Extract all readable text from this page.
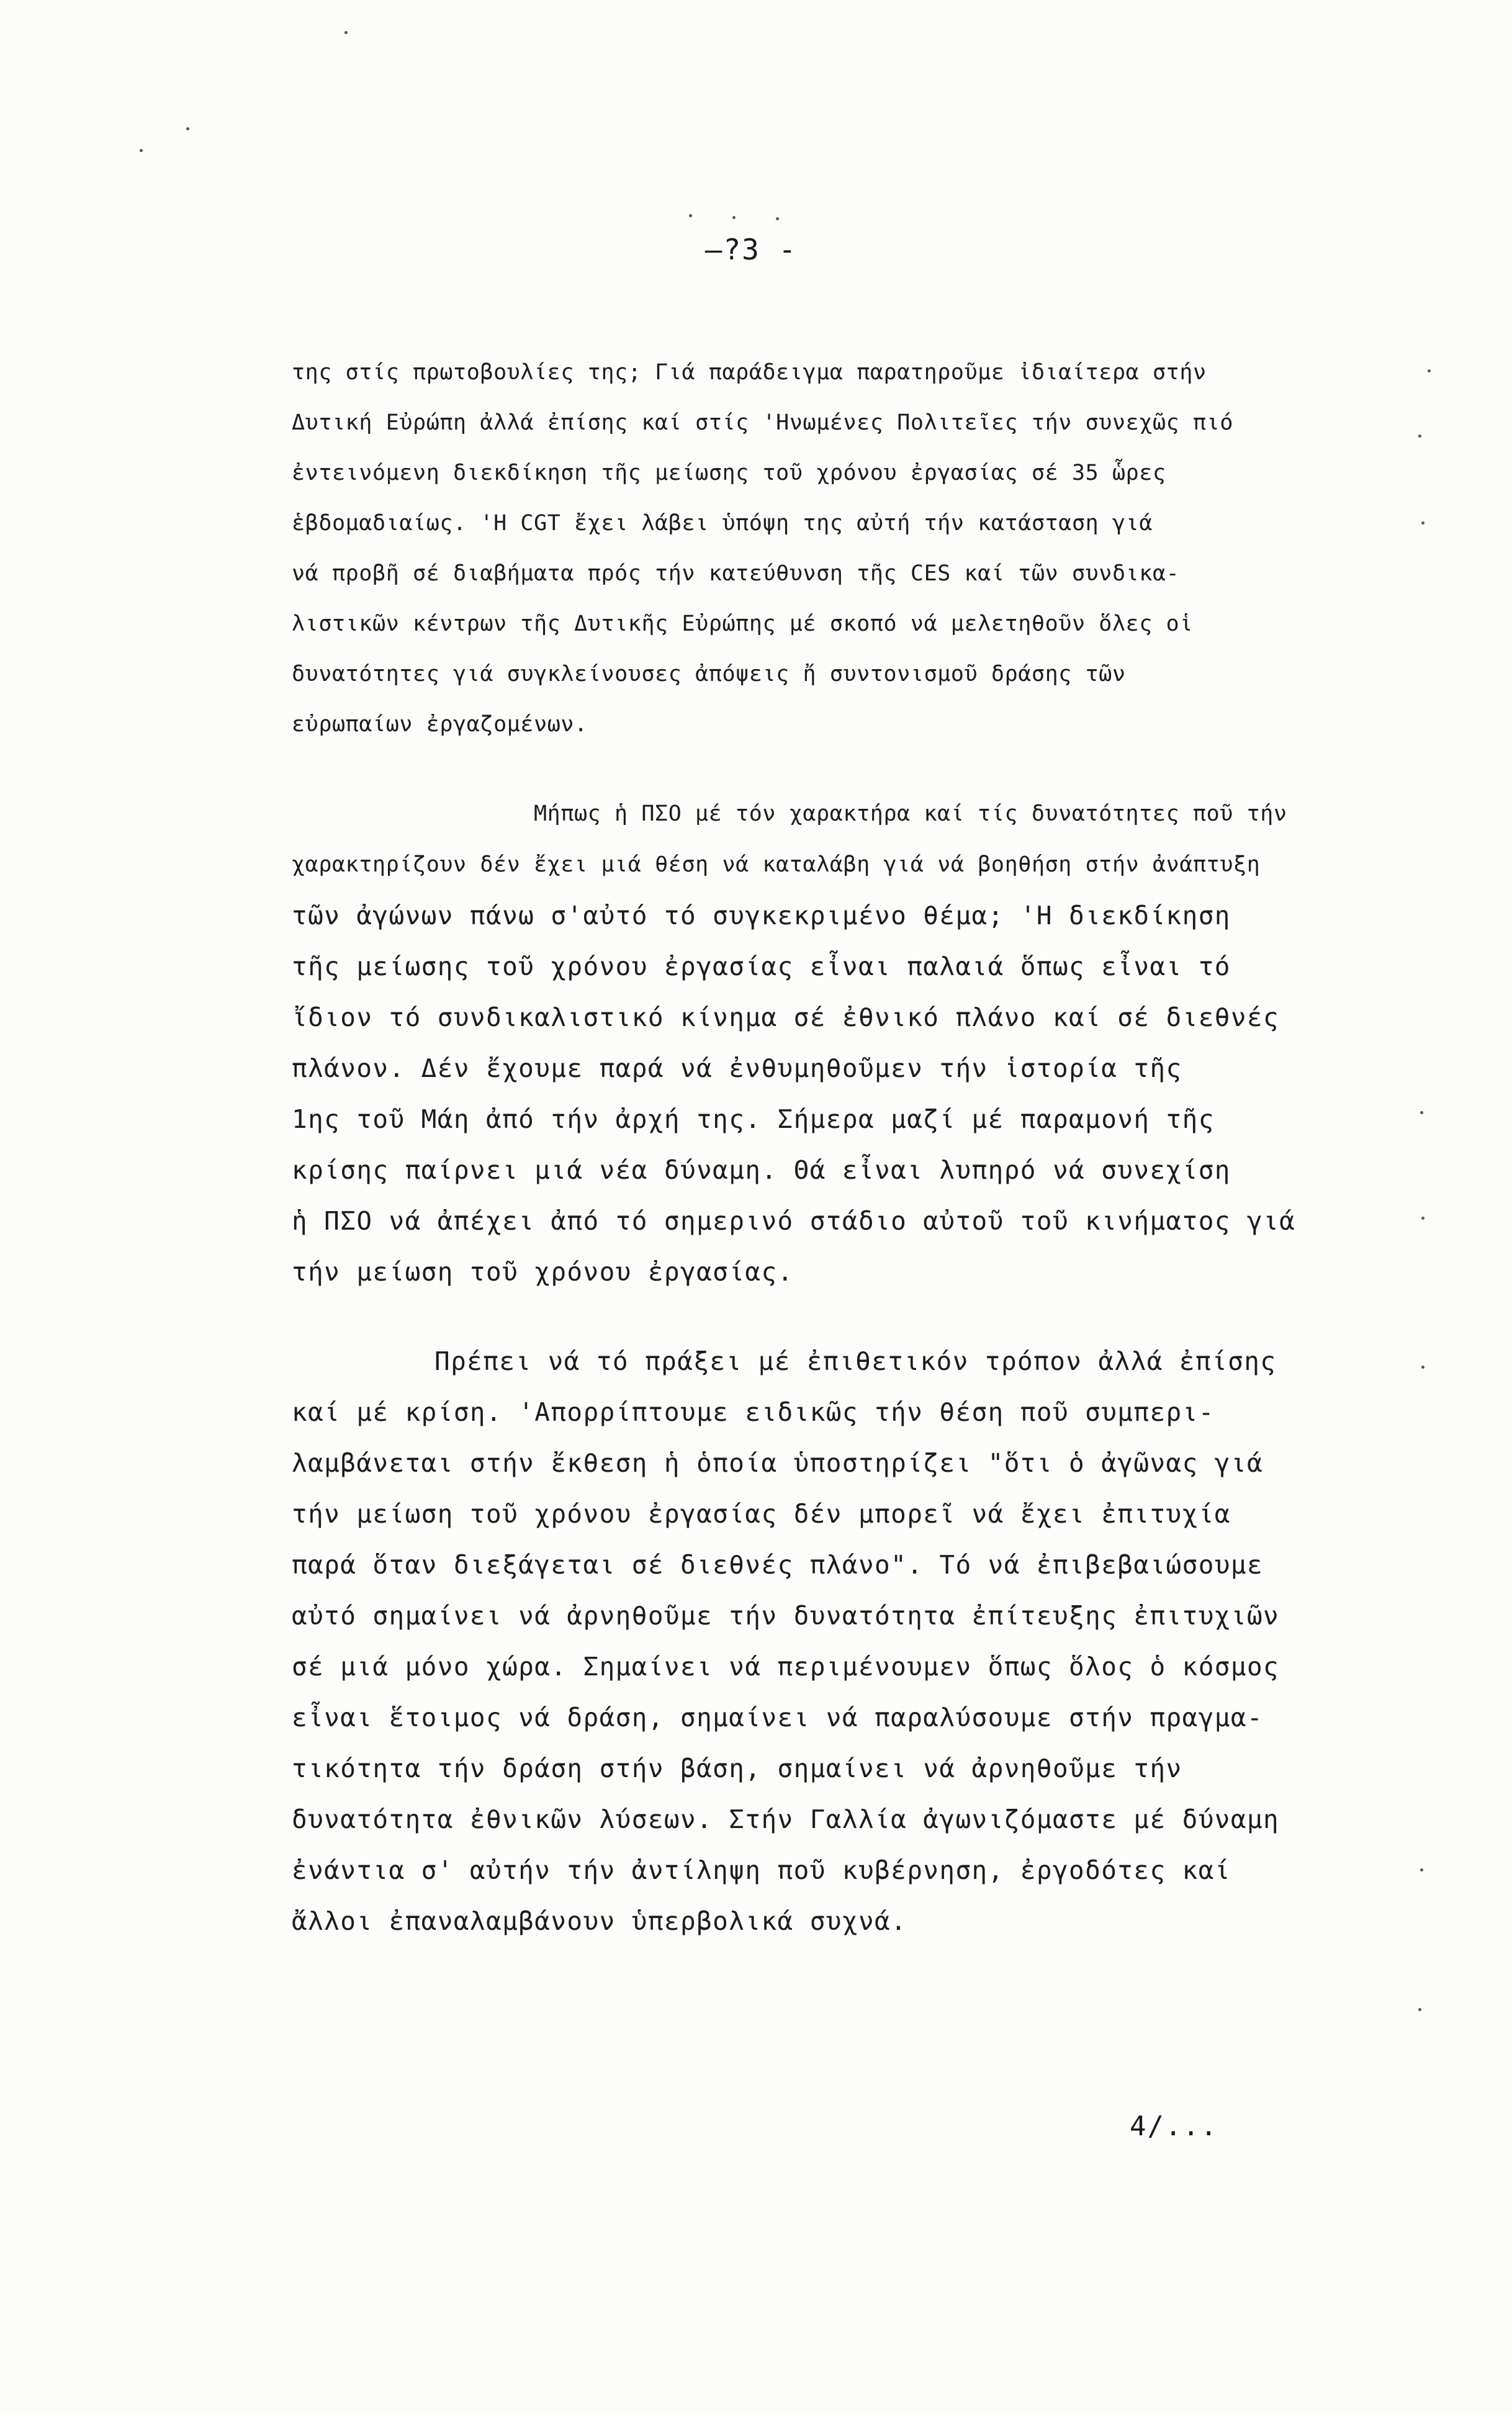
—?3 -
της στίς πρωτοβουλίες της; Γιά παράδειγμα παρατηροῦμε ἰδιαίτερα στήν
Δυτική Εὐρώπη ἀλλά ἐπίσης καί στίς 'Ηνωμένες Πολιτεῖες τήν συνεχῶς πιό
ἐντεινόμενη διεκδίκηση τῆς μείωσης τοῦ χρόνου ἐργασίας σέ 35 ὧρες
ἑβδομαδιαίως. 'Η CGT ἔχει λάβει ὑπόψη της αὐτή τήν κατάσταση γιά
νά προβῆ σέ διαβήματα πρός τήν κατεύθυνση τῆς CES καί τῶν συνδικα-
λιστικῶν κέντρων τῆς Δυτικῆς Εὐρώπης μέ σκοπό νά μελετηθοῦν ὅλες οἱ
δυνατότητες γιά συγκλείνουσες ἀπόψεις ἤ συντονισμοῦ δράσης τῶν
εὐρωπαίων ἐργαζομένων.
Μήπως ἡ ΠΣΟ μέ τόν χαρακτήρα καί τίς δυνατότητες ποῦ τήν
χαρακτηρίζουν δέν ἔχει μιά θέση νά καταλάβη γιά νά βοηθήση στήν ἀνάπτυξη
τῶν ἀγώνων πάνω σ'αὐτό τό συγκεκριμένο θέμα; 'Η διεκδίκηση
τῆς μείωσης τοῦ χρόνου ἐργασίας εἶναι παλαιά ὅπως εἶναι τό
ἴδιον τό συνδικαλιστικό κίνημα σέ ἐθνικό πλάνο καί σέ διεθνές
πλάνον. Δέν ἔχουμε παρά νά ἐνθυμηθοῦμεν τήν ἱστορία τῆς
1ης τοῦ Μάη ἀπό τήν ἀρχή της. Σήμερα μαζί μέ παραμονή τῆς
κρίσης παίρνει μιά νέα δύναμη. Θά εἶναι λυπηρό νά συνεχίση
ἡ ΠΣΟ νά ἀπέχει ἀπό τό σημερινό στάδιο αὐτοῦ τοῦ κινήματος γιά
τήν μείωση τοῦ χρόνου ἐργασίας.
Πρέπει νά τό πράξει μέ ἐπιθετικόν τρόπον ἀλλά ἐπίσης
καί μέ κρίση. 'Απορρίπτουμε ειδικῶς τήν θέση ποῦ συμπερι-
λαμβάνεται στήν ἔκθεση ἡ ὁποία ὑποστηρίζει "ὅτι ὁ ἀγῶνας γιά
τήν μείωση τοῦ χρόνου ἐργασίας δέν μπορεῖ νά ἔχει ἐπιτυχία
παρά ὅταν διεξάγεται σέ διεθνές πλάνο". Τό νά ἐπιβεβαιώσουμε
αὐτό σημαίνει νά ἀρνηθοῦμε τήν δυνατότητα ἐπίτευξης ἐπιτυχιῶν
σέ μιά μόνο χώρα. Σημαίνει νά περιμένουμεν ὅπως ὅλος ὁ κόσμος
εἶναι ἕτοιμος νά δράση, σημαίνει νά παραλύσουμε στήν πραγμα-
τικότητα τήν δράση στήν βάση, σημαίνει νά ἀρνηθοῦμε τήν
δυνατότητα ἐθνικῶν λύσεων. Στήν Γαλλία ἀγωνιζόμαστε μέ δύναμη
ἐνάντια σ' αὐτήν τήν ἀντίληψη ποῦ κυβέρνηση, ἐργοδότες καί
ἄλλοι ἐπαναλαμβάνουν ὑπερβολικά συχνά.
4/...
